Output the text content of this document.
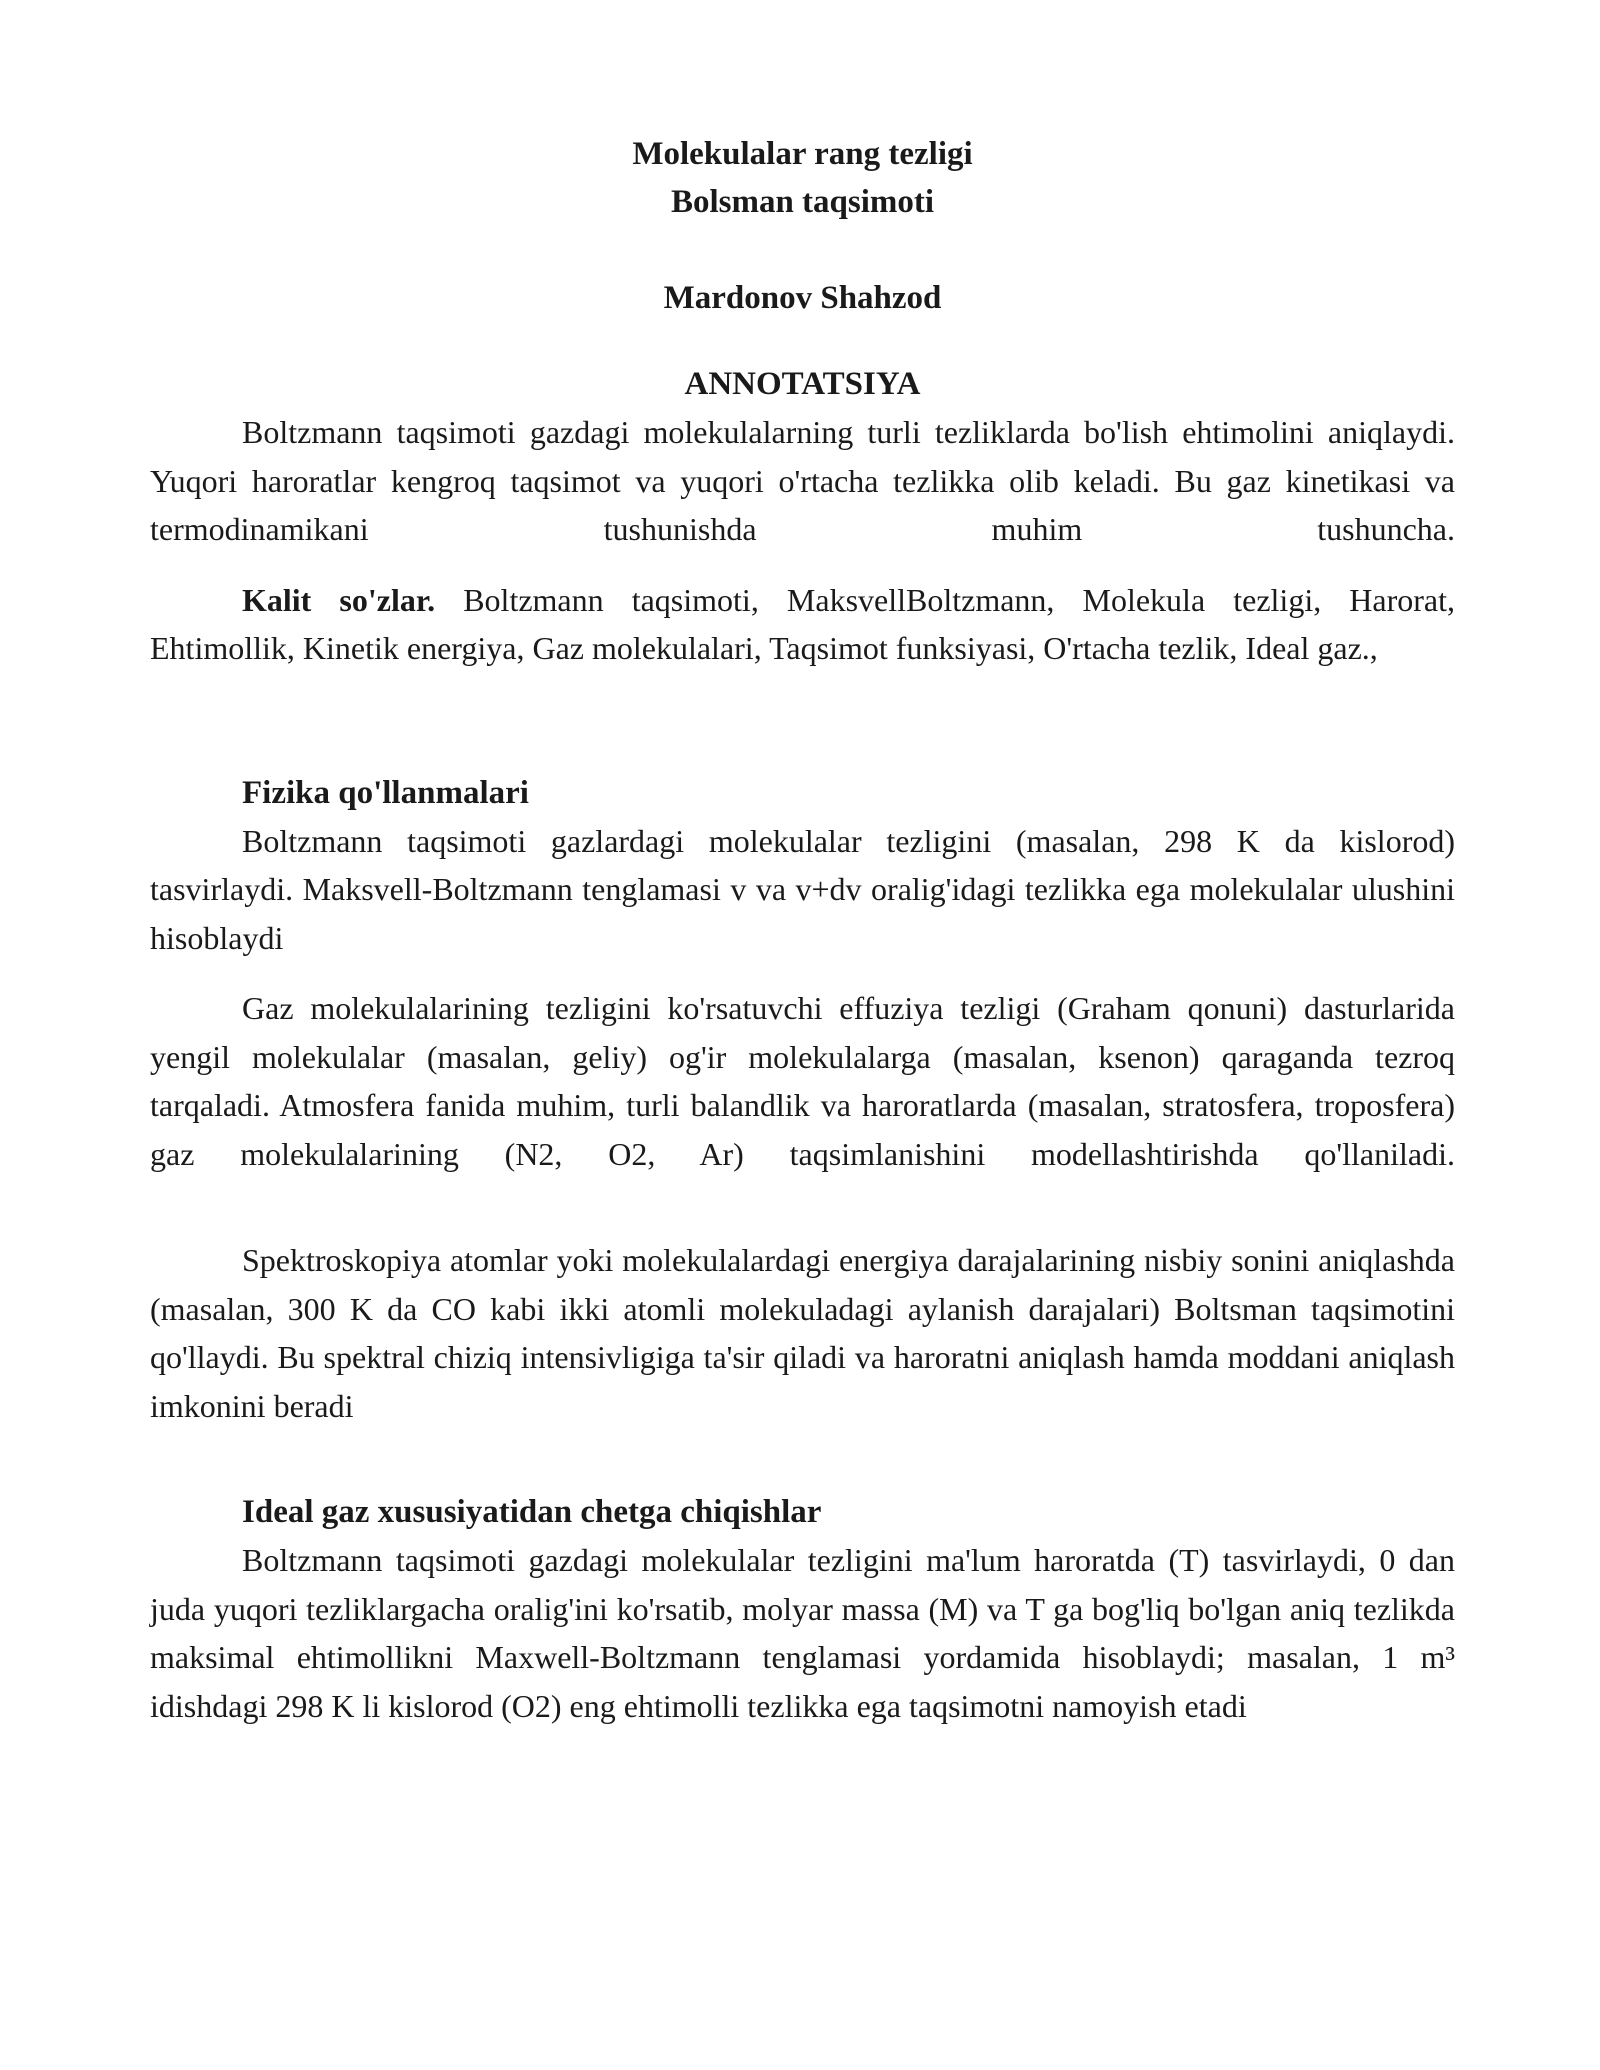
Molekulalar rang tezligi
Bolsman taqsimoti
Mardonov Shahzod
ANNOTATSIYA

Boltzmann taqsimoti gazdagi molekulalarning turli tezliklarda bo'lish ehtimolini aniqlaydi. Yuqori haroratlar kengroq taqsimot va yuqori o'rtacha tezlikka olib keladi. Bu gaz kinetikasi va termodinamikani tushunishda muhim tushuncha.

Kalit so'zlar. Boltzmann taqsimoti, MaksvellBoltzmann, Molekula tezligi, Harorat, Ehtimollik, Kinetik energiya, Gaz molekulalari, Taqsimot funksiyasi, O'rtacha tezlik, Ideal gaz.,

Fizika qo'llanmalari

Boltzmann taqsimoti gazlardagi molekulalar tezligini (masalan, 298 K da kislorod) tasvirlaydi. Maksvell-Boltzmann tenglamasi v va v+dv oralig'idagi tezlikka ega molekulalar ulushini hisoblaydi

Gaz molekulalarining tezligini ko'rsatuvchi effuziya tezligi (Graham qonuni) dasturlarida yengil molekulalar (masalan, geliy) og'ir molekulalarga (masalan, ksenon) qaraganda tezroq tarqaladi. Atmosfera fanida muhim, turli balandlik va haroratlarda (masalan, stratosfera, troposfera) gaz molekulalarining (N2, O2, Ar) taqsimlanishini modellashtirishda qo'llaniladi.

Spektroskopiya atomlar yoki molekulalardagi energiya darajalarining nisbiy sonini aniqlashda (masalan, 300 K da CO kabi ikki atomli molekuladagi aylanish darajalari) Boltsman taqsimotini qo'llaydi. Bu spektral chiziq intensivligiga ta'sir qiladi va haroratni aniqlash hamda moddani aniqlash imkonini beradi

Ideal gaz xususiyatidan chetga chiqishlar

Boltzmann taqsimoti gazdagi molekulalar tezligini ma'lum haroratda (T) tasvirlaydi, 0 dan juda yuqori tezliklargacha oralig'ini ko'rsatib, molyar massa (M) va T ga bog'liq bo'lgan aniq tezlikda maksimal ehtimollikni Maxwell-Boltzmann tenglamasi yordamida hisoblaydi; masalan, 1 m³ idishdagi 298 K li kislorod (O2) eng ehtimolli tezlikka ega taqsimotni namoyish etadi
